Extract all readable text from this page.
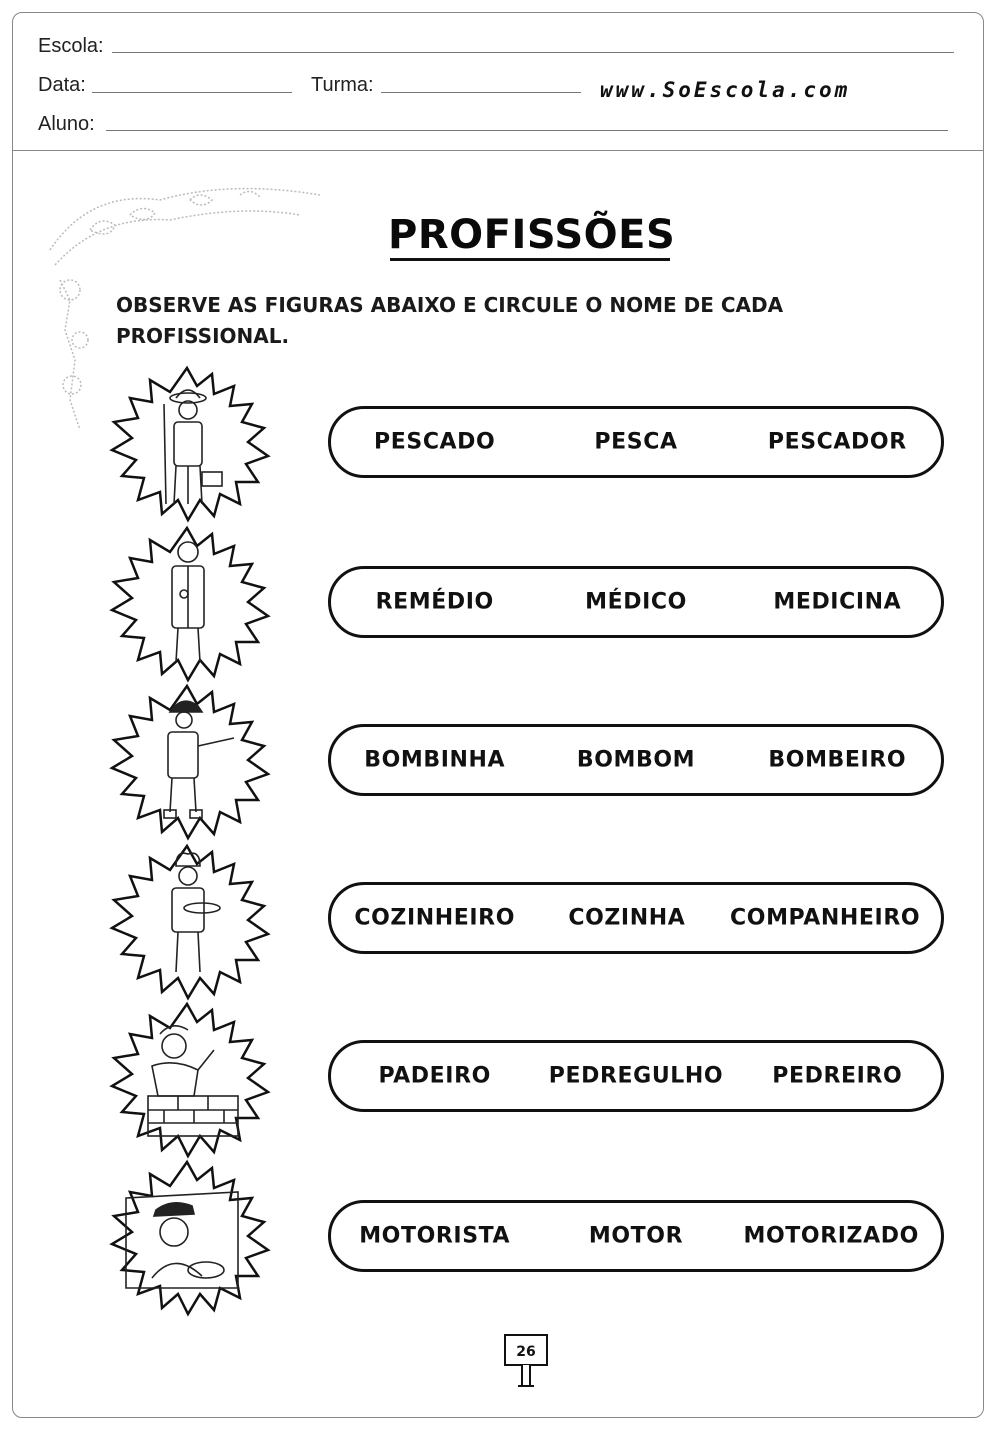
Escola:
Data:	Turma:	www.SoEscola.com
Aluno:
PROFISSÕES
OBSERVE AS FIGURAS ABAIXO E CIRCULE O NOME DE CADA PROFISSIONAL.
PESCADO	PESCA	PESCADOR
REMÉDIO	MÉDICO	MEDICINA
BOMBINHA	BOMBOM	BOMBEIRO
COZINHEIRO COZINHA COMPANHEIRO
PADEIRO	PEDREGULHO PEDREIRO
MOTORISTA	MOTOR	MOTORIZADO
26
